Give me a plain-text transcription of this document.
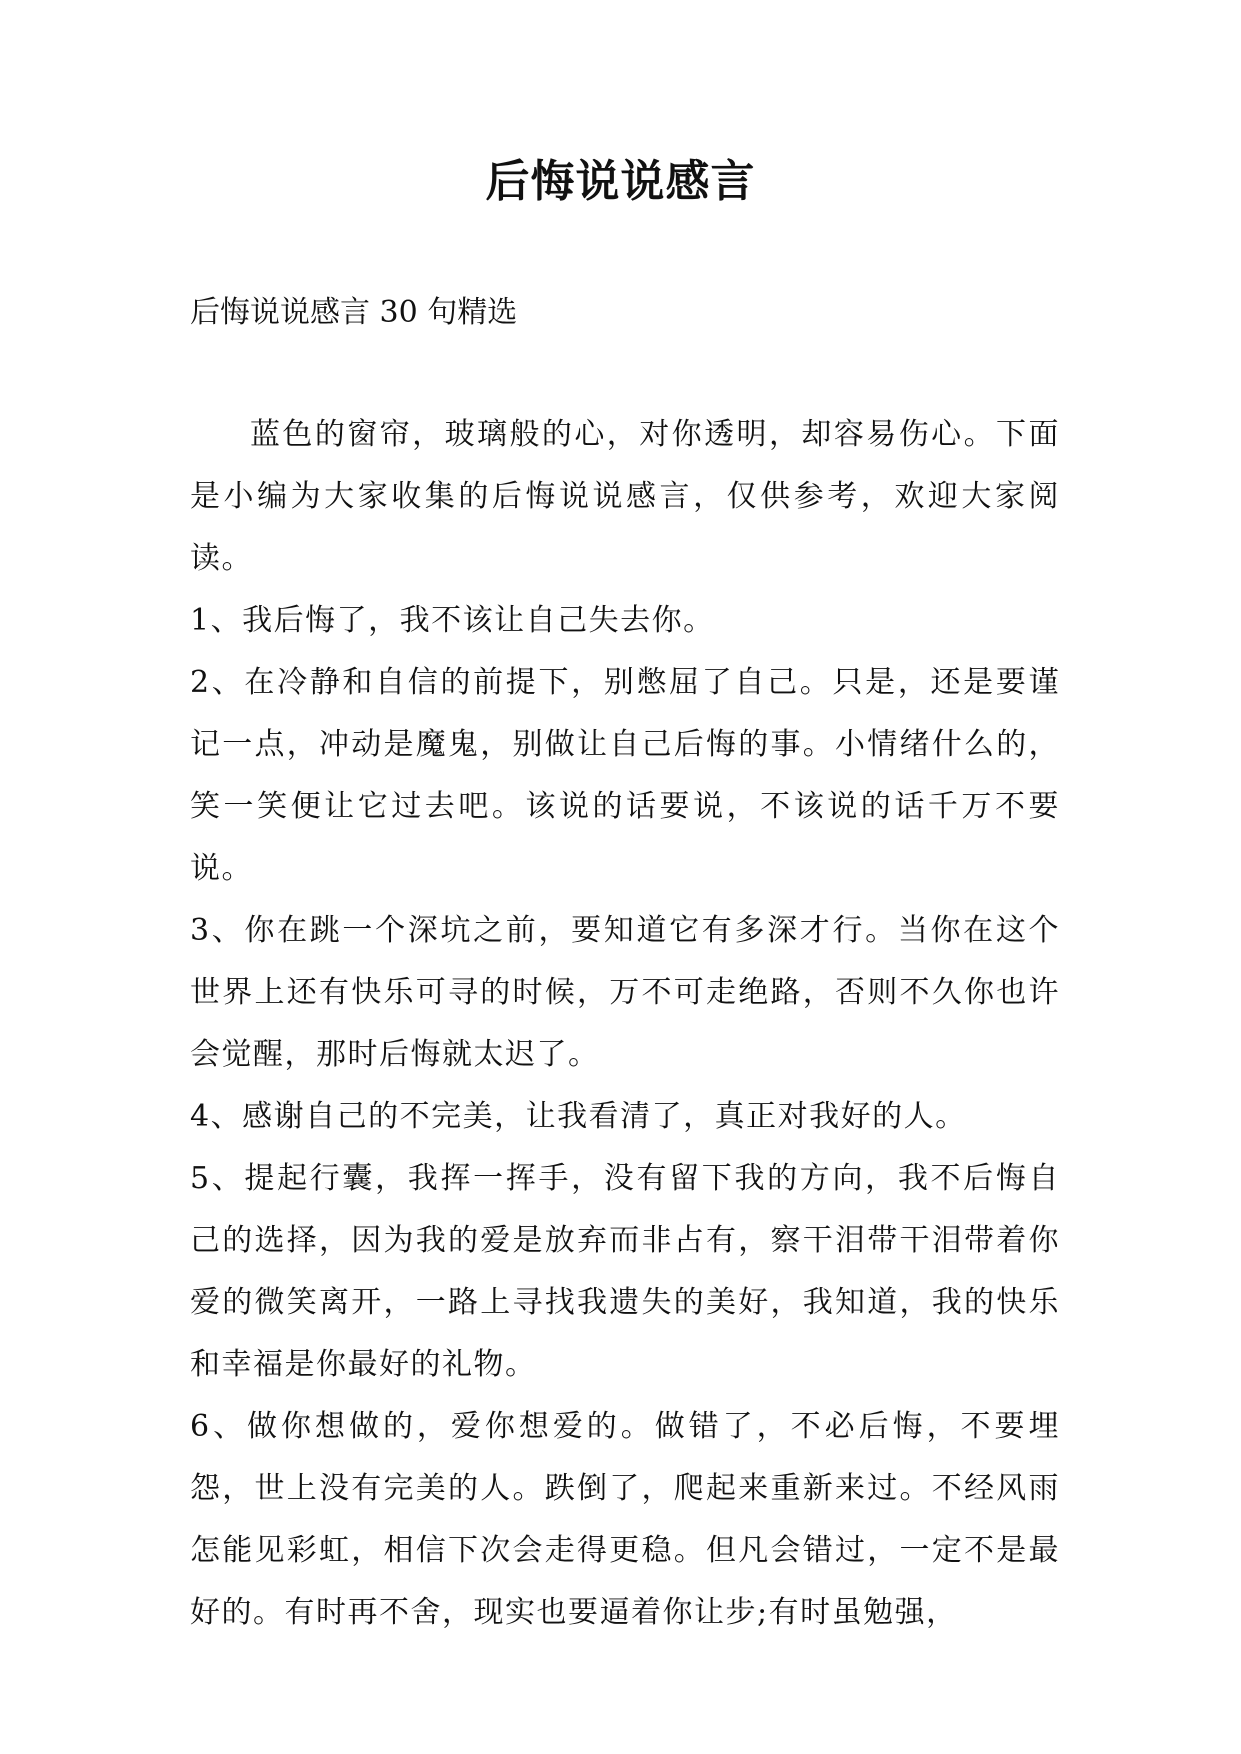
后悔说说感言

后悔说说感言 30 句精选

蓝色的窗帘，玻璃般的心，对你透明，却容易伤心。下面是小编为大家收集的后悔说说感言，仅供参考，欢迎大家阅读。

1、我后悔了，我不该让自己失去你。

2、在冷静和自信的前提下，别憋屈了自己。只是，还是要谨记一点，冲动是魔鬼，别做让自己后悔的事。小情绪什么的，笑一笑便让它过去吧。该说的话要说，不该说的话千万不要说。

3、你在跳一个深坑之前，要知道它有多深才行。当你在这个世界上还有快乐可寻的时候，万不可走绝路，否则不久你也许会觉醒，那时后悔就太迟了。

4、感谢自己的不完美，让我看清了，真正对我好的人。

5、提起行囊，我挥一挥手，没有留下我的方向，我不后悔自己的选择，因为我的爱是放弃而非占有，察干泪带干泪带着你爱的微笑离开，一路上寻找我遗失的美好，我知道，我的快乐和幸福是你最好的礼物。

6、做你想做的，爱你想爱的。做错了，不必后悔，不要埋怨，世上没有完美的人。跌倒了，爬起来重新来过。不经风雨怎能见彩虹，相信下次会走得更稳。但凡会错过，一定不是最好的。有时再不舍，现实也要逼着你让步;有时虽勉强，
